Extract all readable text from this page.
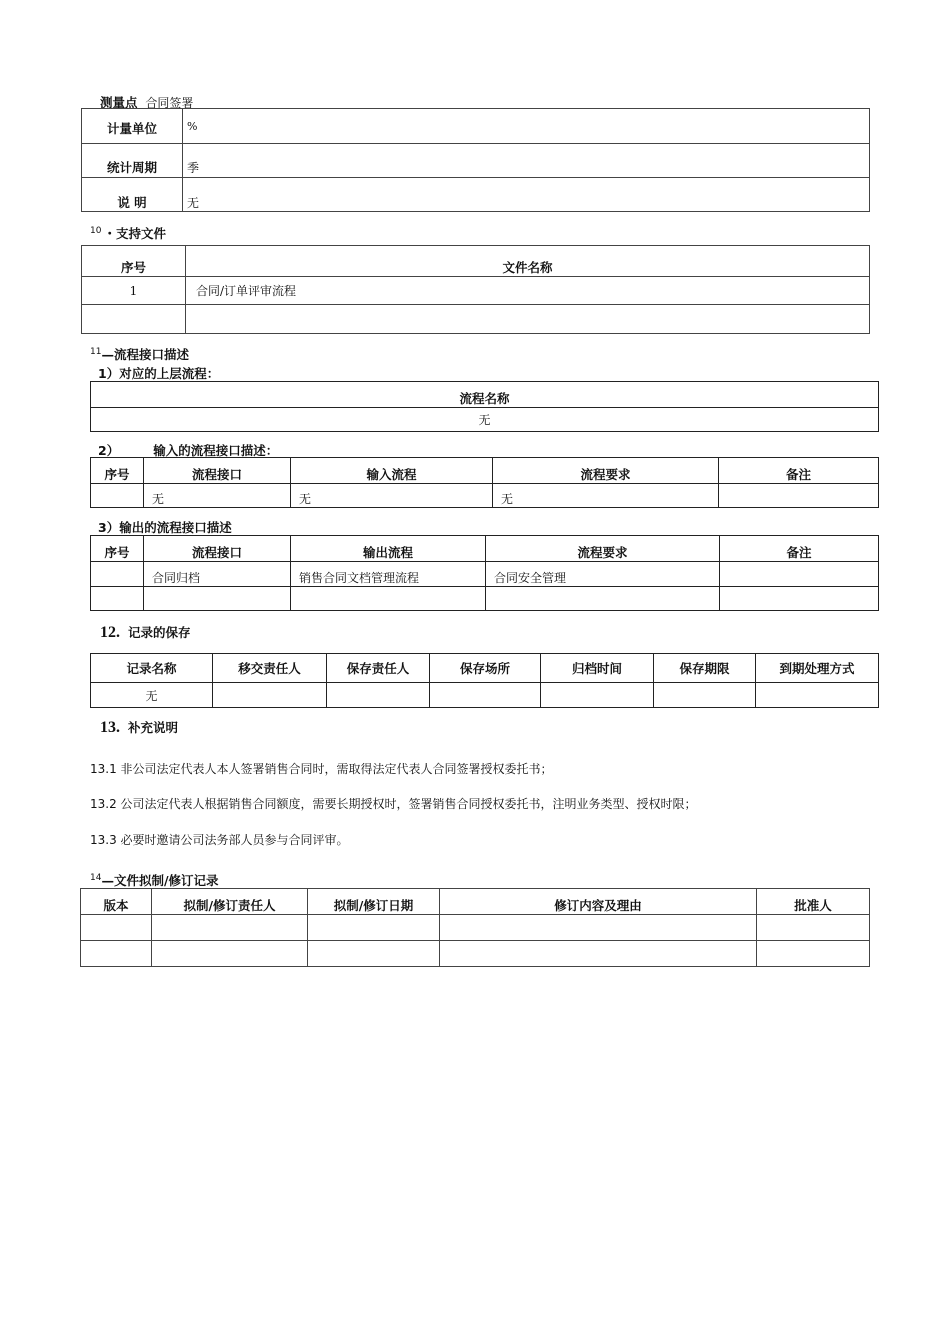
测量点 合同签署
计量单位	%
统计周期	季
说 明	无
$^{10}$ ・支持文件
序号	文件名称
1	合同/订单评审流程

$^{11}$—流程接口描述
1）对应的上层流程：
流程名称
无
2）	输入的流程接口描述：
序号	流程接口	输入流程	流程要求	备注
	无	无	无	
3）输出的流程接口描述
序号	流程接口	输出流程	流程要求	备注
	合同归档	销售合同文档管理流程	合同安全管理	

12. 记录的保存
记录名称	移交责任人	保存责任人	保存场所	归档时间	保存期限	到期处理方式
无						
13. 补充说明
13.1 非公司法定代表人本人签署销售合同时，需取得法定代表人合同签署授权委托书；
13.2 公司法定代表人根据销售合同额度，需要长期授权时，签署销售合同授权委托书，注明业务类型、授权时限；
13.3 必要时邀请公司法务部人员参与合同评审。
$^{14}$—文件拟制/修订记录
版本	拟制/修订责任人	拟制/修订日期	修订内容及理由	批准人
